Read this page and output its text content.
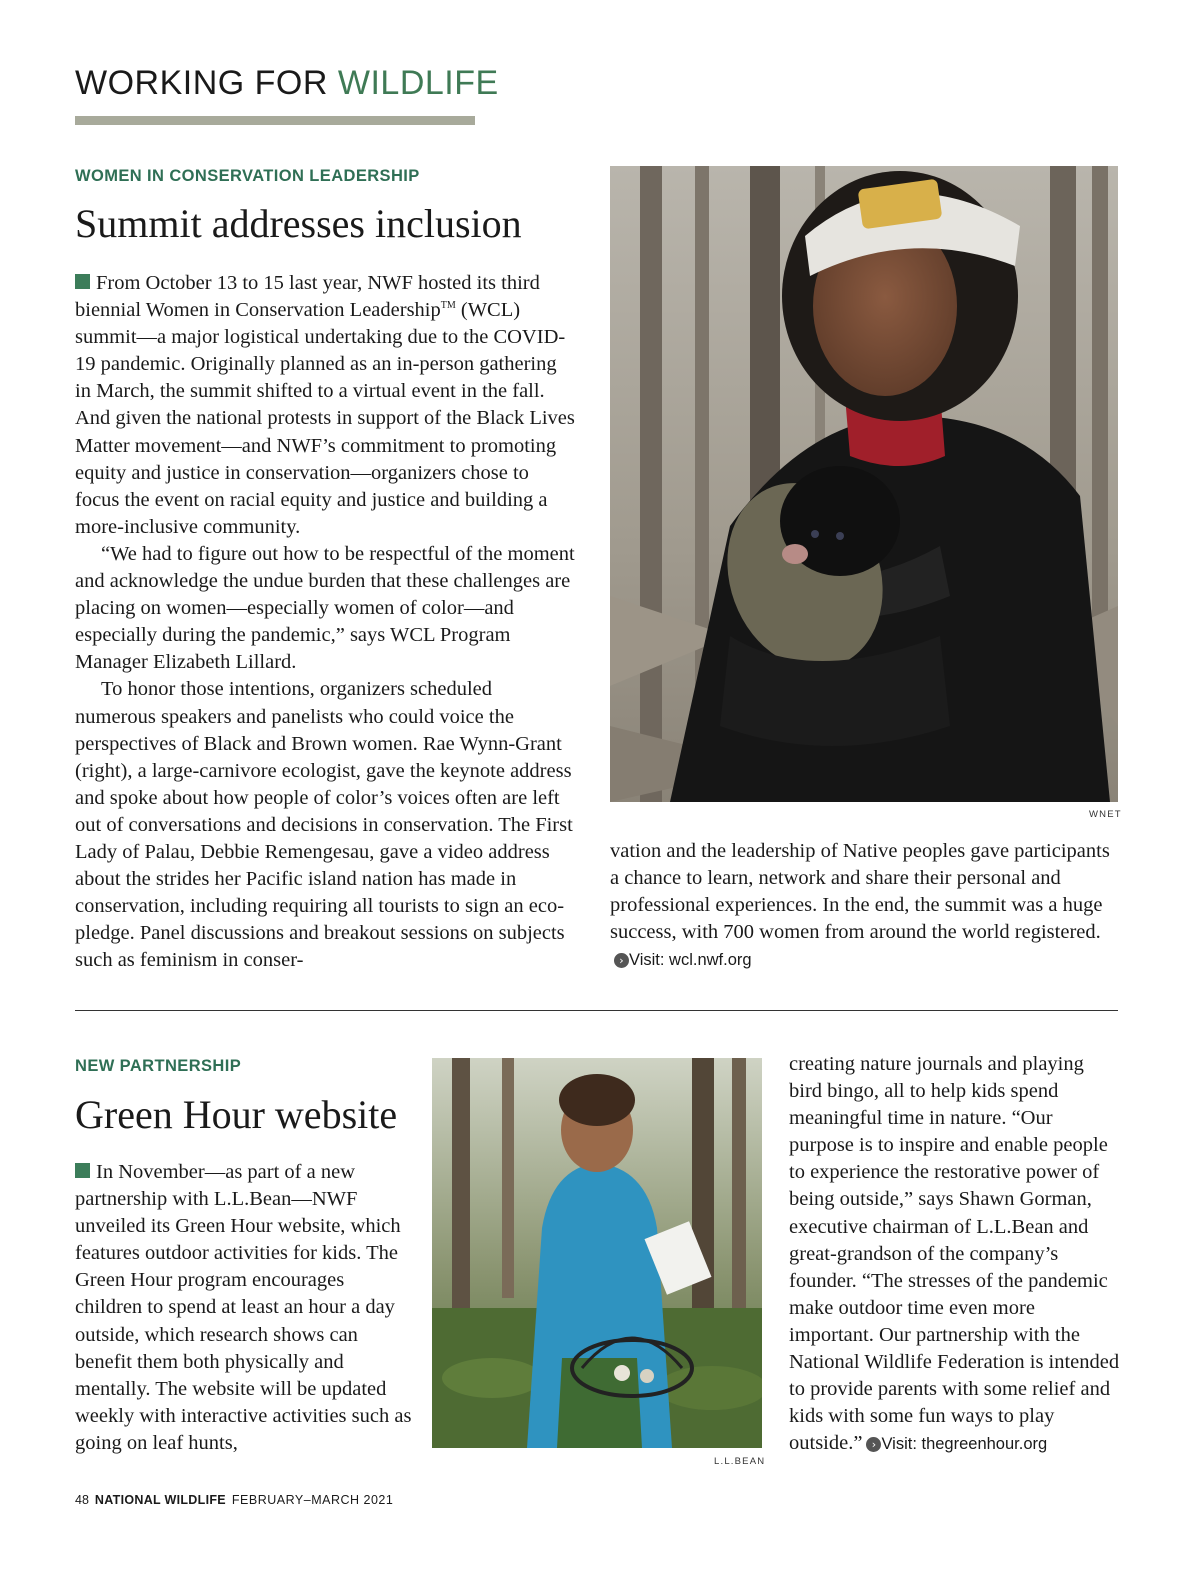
WORKING FOR WILDLIFE
WOMEN IN CONSERVATION LEADERSHIP
Summit addresses inclusion

From October 13 to 15 last year, NWF hosted its third biennial Women in Conservation Leadership™ (WCL) summit—a major logistical undertaking due to the COVID-19 pandemic. Originally planned as an in-person gathering in March, the summit shifted to a virtual event in the fall. And given the national protests in support of the Black Lives Matter movement—and NWF’s commitment to promoting equity and justice in conservation—organizers chose to focus the event on racial equity and justice and building a more-inclusive community.

“We had to figure out how to be respectful of the moment and acknowledge the undue burden that these challenges are placing on women—especially women of color—and especially during the pandemic,” says WCL Program Manager Elizabeth Lillard.

To honor those intentions, organizers scheduled numerous speakers and panelists who could voice the perspectives of Black and Brown women. Rae Wynn-Grant (right), a large-carnivore ecologist, gave the keynote address and spoke about how people of color’s voices often are left out of conversations and decisions in conservation. The First Lady of Palau, Debbie Remengesau, gave a video address about the strides her Pacific island nation has made in conservation, including requiring all tourists to sign an eco-pledge. Panel discussions and breakout sessions on subjects such as feminism in conser-

WNET

vation and the leadership of Native peoples gave participants a chance to learn, network and share their personal and professional experiences. In the end, the summit was a huge success, with 700 women from around the world registered.› Visit: wcl.nwf.org

NEW PARTNERSHIP
Green Hour website

In November—as part of a new partnership with L.L.Bean—NWF unveiled its Green Hour website, which features outdoor activities for kids. The Green Hour program encourages children to spend at least an hour a day outside, which research shows can benefit them both physically and mentally. The website will be updated weekly with interactive activities such as going on leaf hunts,

L.L.BEAN

creating nature journals and playing bird bingo, all to help kids spend meaningful time in nature. “Our purpose is to inspire and enable people to experience the restorative power of being outside,” says Shawn Gorman, executive chairman of L.L.Bean and great-grandson of the company’s founder. “The stresses of the pandemic make outdoor time even more important. Our partnership with the National Wildlife Federation is intended to provide parents with some relief and kids with some fun ways to play outside.” › Visit: thegreenhour.org

48 NATIONAL WILDLIFE FEBRUARY–MARCH 2021
